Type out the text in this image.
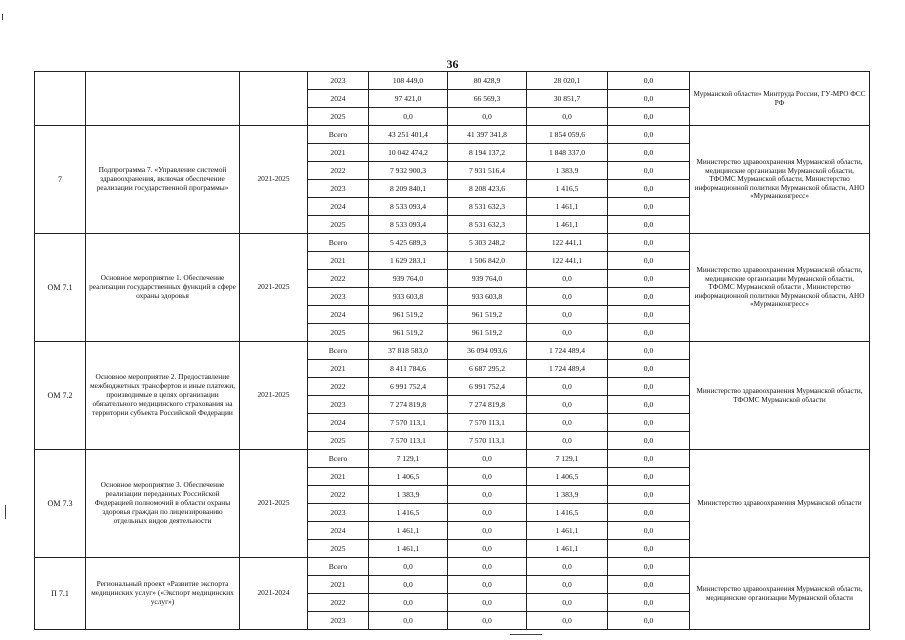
36
			2023	108 449,0	80 428,9	28 020,1	0,0	Мурманской области» Минтруда России, ГУ-МРО ФСС РФ
			2024	97 421,0	66 569,3	30 851,7	0,0	
			2025	0,0	0,0	0,0	0,0	
7	Подпрограмма 7. «Управление системой здравоохранения, включая обеспечение реализации государственной программы»	2021-2025	Всего	43 251 401,4	41 397 341,8	1 854 059,6	0,0	Министерство здравоохранения Мурманской области, медицинские организации Мурманской области, ТФОМС Мурманской области, Министерство информационной политики Мурманской области, АНО «Мурманконгресс»
			2021	10 042 474,2	8 194 137,2	1 848 337,0	0,0	
			2022	7 932 900,3	7 931 516,4	1 383,9	0,0	
			2023	8 209 840,1	8 208 423,6	1 416,5	0,0	
			2024	8 533 093,4	8 531 632,3	1 461,1	0,0	
			2025	8 533 093,4	8 531 632,3	1 461,1	0,0	
ОМ 7.1	Основное мероприятие 1. Обеспечение реализации государственных функций в сфере охраны здоровья	2021-2025	Всего	5 425 689,3	5 303 248,2	122 441,1	0,0	Министерство здравоохранения Мурманской области, медицинские организации Мурманской области, ТФОМС Мурманской области , Министерство информационной политики Мурманской области, АНО «Мурманконгресс»
			2021	1 629 283,1	1 506 842,0	122 441,1	0,0	
			2022	939 764,0	939 764,0	0,0	0,0	
			2023	933 603,8	933 603,8	0,0	0,0	
			2024	961 519,2	961 519,2	0,0	0,0	
			2025	961 519,2	961 519,2	0,0	0,0	
ОМ 7.2	Основное мероприятие 2. Предоставление межбюджетных трансфертов и иные платежи, производимые в целях организации обязательного медицинского страхования на территории субъекта Российской Федерации	2021-2025	Всего	37 818 583,0	36 094 093,6	1 724 489,4	0,0	Министерство здравоохранения Мурманской области, ТФОМС Мурманской области
			2021	8 411 784,6	6 687 295,2	1 724 489,4	0,0	
			2022	6 991 752,4	6 991 752,4	0,0	0,0	
			2023	7 274 819,8	7 274 819,8	0,0	0,0	
			2024	7 570 113,1	7 570 113,1	0,0	0,0	
			2025	7 570 113,1	7 570 113,1	0,0	0,0	
ОМ 7.3	Основное мероприятие 3. Обеспечение реализации переданных Российской Федерацией полномочий в области охраны здоровья граждан по лицензированию отдельных видов деятельности	2021-2025	Всего	7 129,1	0,0	7 129,1	0,0	Министерство здравоохранения Мурманской области
			2021	1 406,5	0,0	1 406,5	0,0	
			2022	1 383,9	0,0	1 383,9	0,0	
			2023	1 416,5	0,0	1 416,5	0,0	
			2024	1 461,1	0,0	1 461,1	0,0	
			2025	1 461,1	0,0	1 461,1	0,0	
П 7.1	Региональный проект «Развитие экспорта медицинских услуг» («Экспорт медицинских услуг»)	2021-2024	Всего	0,0	0,0	0,0	0,0	Министерство здравоохранения Мурманской области, медицинские организации Мурманской области
			2021	0,0	0,0	0,0	0,0	
			2022	0,0	0,0	0,0	0,0	
			2023	0,0	0,0	0,0	0,0	
